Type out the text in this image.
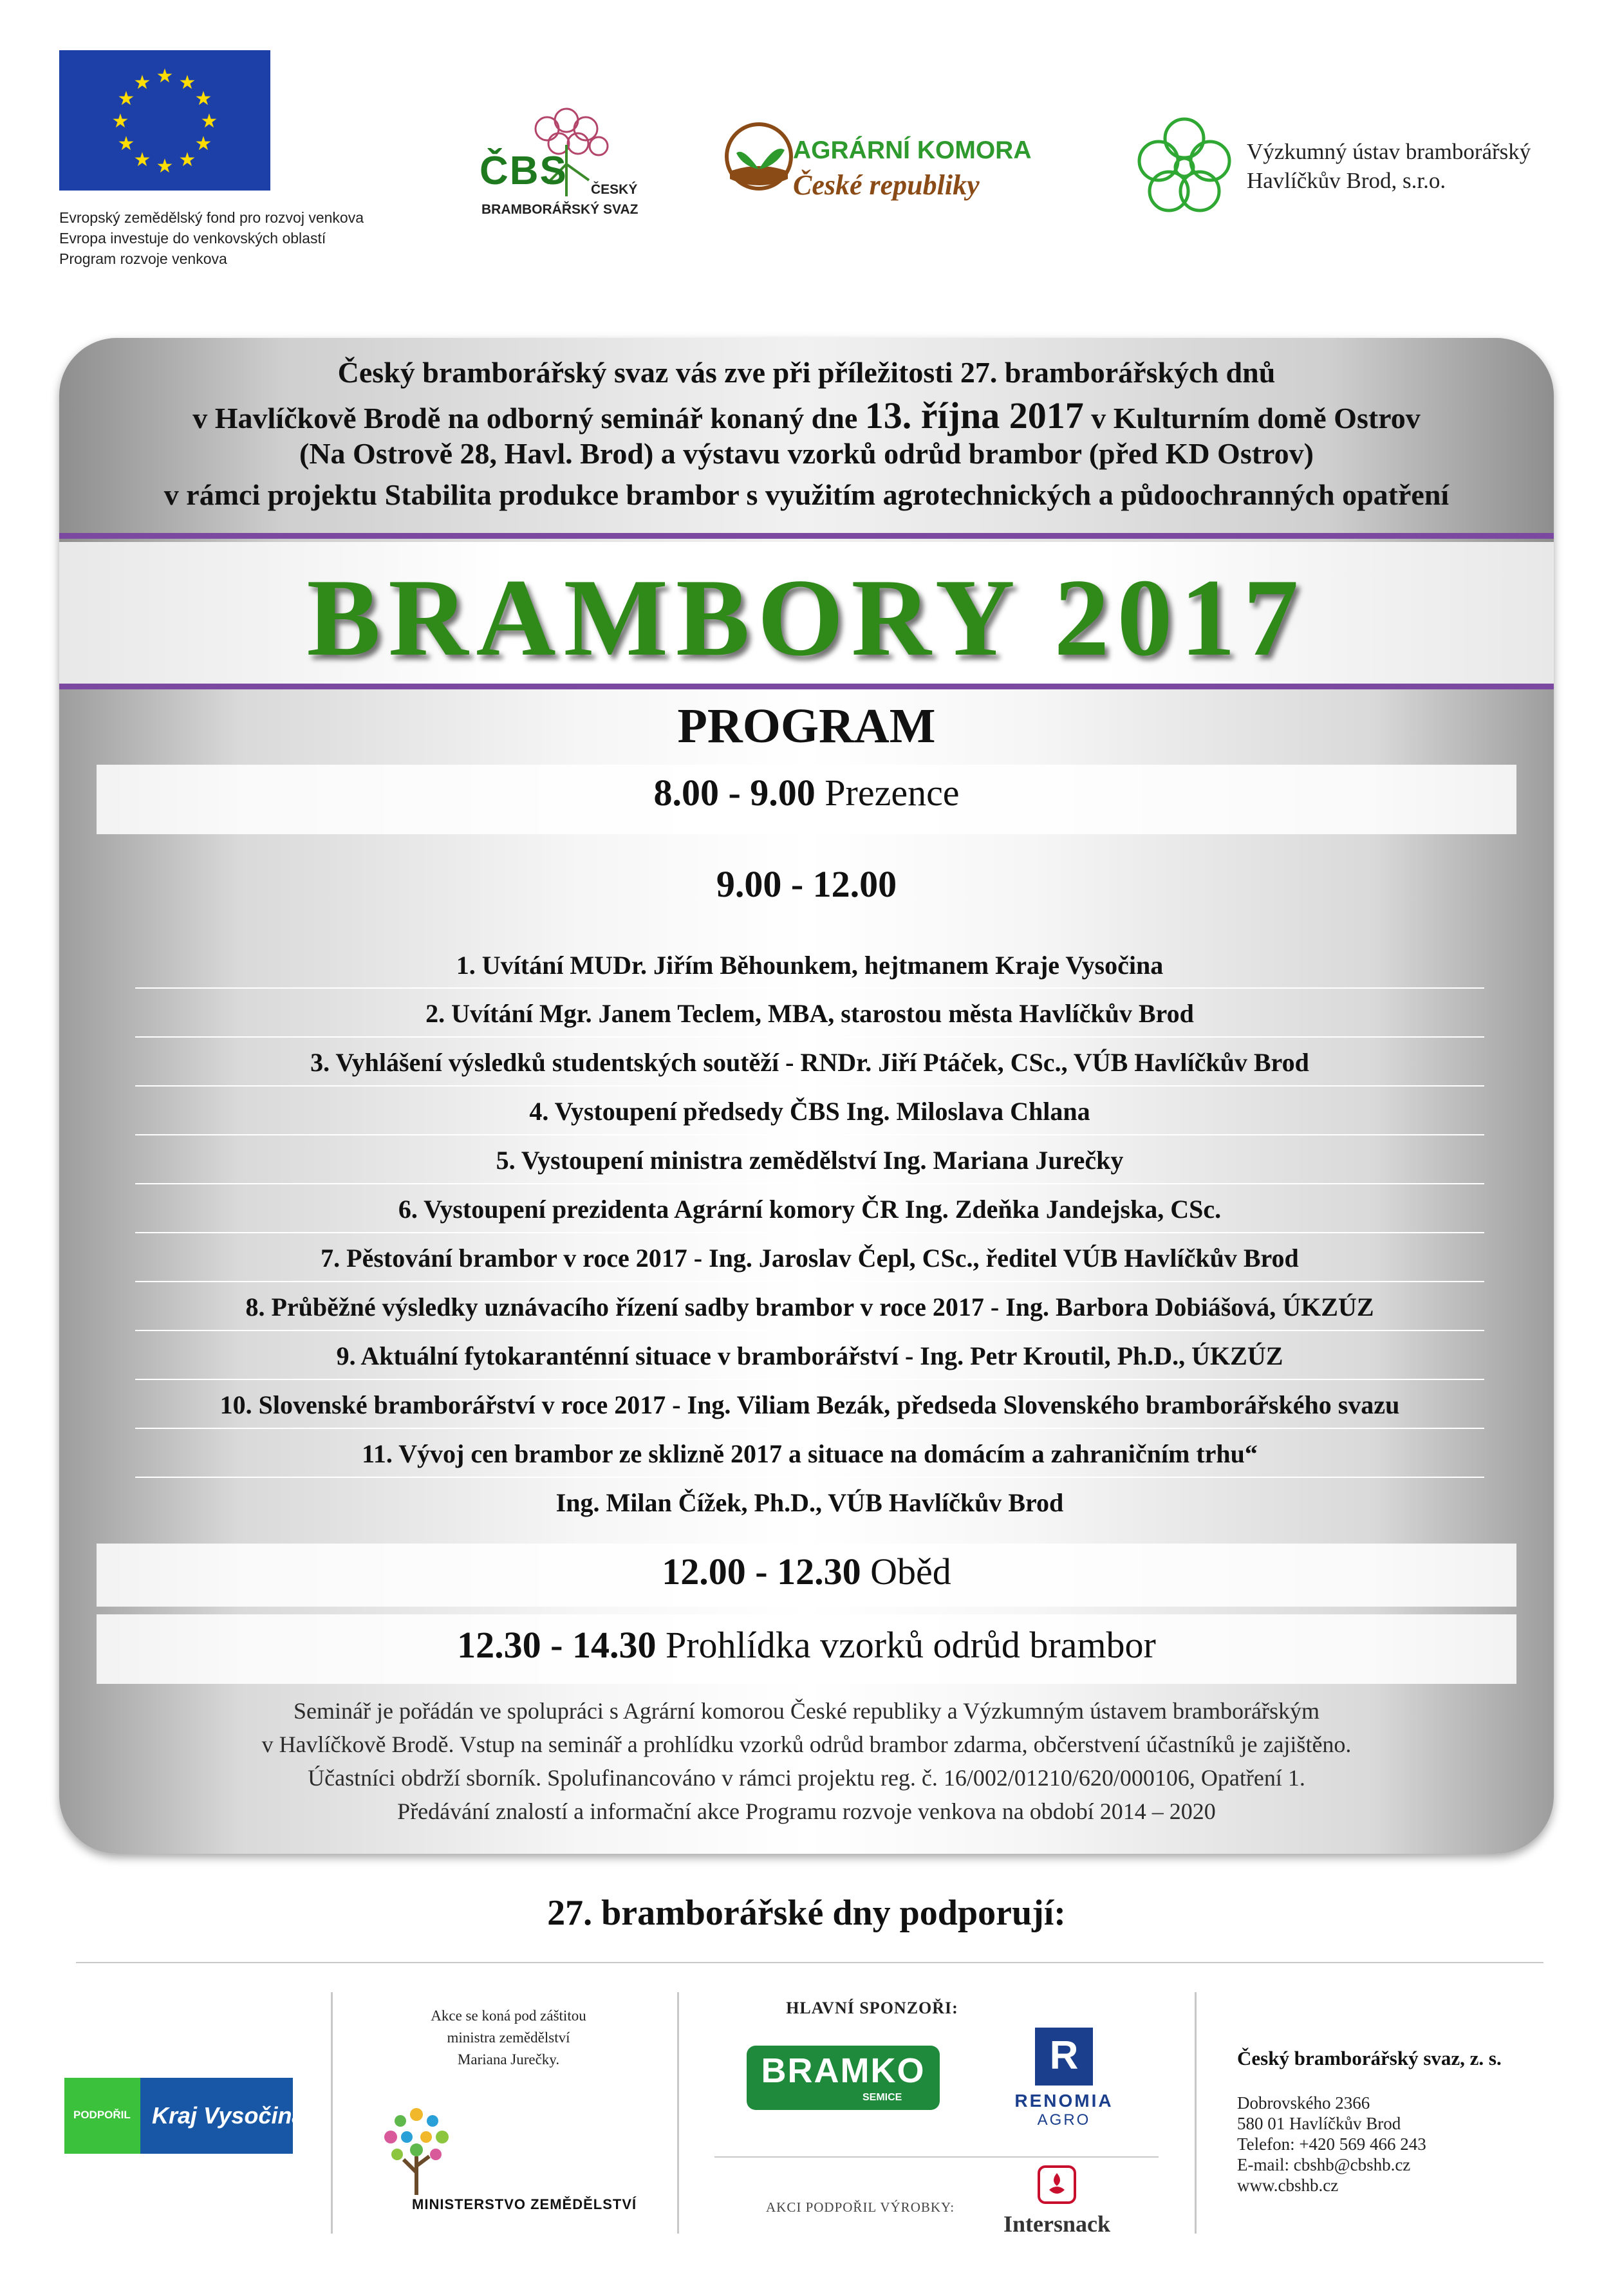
★ ★
★
★
★
★
★
★
★
★
★
★
Evropský zemědělský fond pro rozvoj venkova
Evropa investuje do venkovských oblastí
Program rozvoje venkova
ČBS ČESKÝ
BRAMBORÁŘSKÝ SVAZ
AGRÁRNÍ KOMORA
České republiky
Výzkumný ústav bramborářský
Havlíčkův Brod, s.r.o.
Český bramborářský svaz vás zve při příležitosti 27. bramborářských dnů
v Havlíčkově Brodě na odborný seminář konaný dne 13. října 2017 v Kulturním domě Ostrov
(Na Ostrově 28, Havl. Brod) a výstavu vzorků odrůd brambor (před KD Ostrov)
v rámci projektu Stabilita produkce brambor s využitím agrotechnických a půdoochranných opatření
BRAMBORY 2017
PROGRAM
8.00 - 9.00 Prezence
9.00 - 12.00
1. Uvítání MUDr. Jiřím Běhounkem, hejtmanem Kraje Vysočina
2. Uvítání Mgr. Janem Teclem, MBA, starostou města Havlíčkův Brod
3. Vyhlášení výsledků studentských soutěží - RNDr. Jiří Ptáček, CSc., VÚB Havlíčkův Brod
4. Vystoupení předsedy ČBS Ing. Miloslava Chlana
5. Vystoupení ministra zemědělství Ing. Mariana Jurečky
6. Vystoupení prezidenta Agrární komory ČR Ing. Zdeňka Jandejska, CSc.
7. Pěstování brambor v roce 2017 - Ing. Jaroslav Čepl, CSc., ředitel VÚB Havlíčkův Brod
8. Průběžné výsledky uznávacího řízení sadby brambor v roce 2017 - Ing. Barbora Dobiášová, ÚKZÚZ
9. Aktuální fytokaranténní situace v bramborářství - Ing. Petr Kroutil, Ph.D., ÚKZÚZ
10. Slovenské bramborářství v roce 2017 - Ing. Viliam Bezák, předseda Slovenského bramborářského svazu
11. Vývoj cen brambor ze sklizně 2017 a situace na domácím a zahraničním trhu“
Ing. Milan Čížek, Ph.D., VÚB Havlíčkův Brod
12.00 - 12.30 Oběd
12.30 - 14.30 Prohlídka vzorků odrůd brambor
Seminář je pořádán ve spolupráci s Agrární komorou České republiky a Výzkumným ústavem bramborářským
v Havlíčkově Brodě. Vstup na seminář a prohlídku vzorků odrůd brambor zdarma, občerstvení účastníků je zajištěno.
Účastníci obdrží sborník. Spolufinancováno v rámci projektu reg. č. 16/002/01210/620/000106, Opatření 1.
Předávání znalostí a informační akce Programu rozvoje venkova na období 2014 – 2020
27. bramborářské dny podporují:
PODPOŘIL Kraj Vysočina
Akce se koná pod záštitou
ministra zemědělství
Mariana Jurečky.
MINISTERSTVO ZEMĚDĚLSTVÍ
HLAVNÍ SPONZOŘI:
BRAMKO
SEMICE
R
RENOMIA
AGRO
AKCI PODPOŘIL VÝROBKY:
Intersnack
Český bramborářský svaz, z. s.
Dobrovského 2366
580 01 Havlíčkův Brod
Telefon: +420 569 466 243
E-mail: cbshb@cbshb.cz
www.cbshb.cz
